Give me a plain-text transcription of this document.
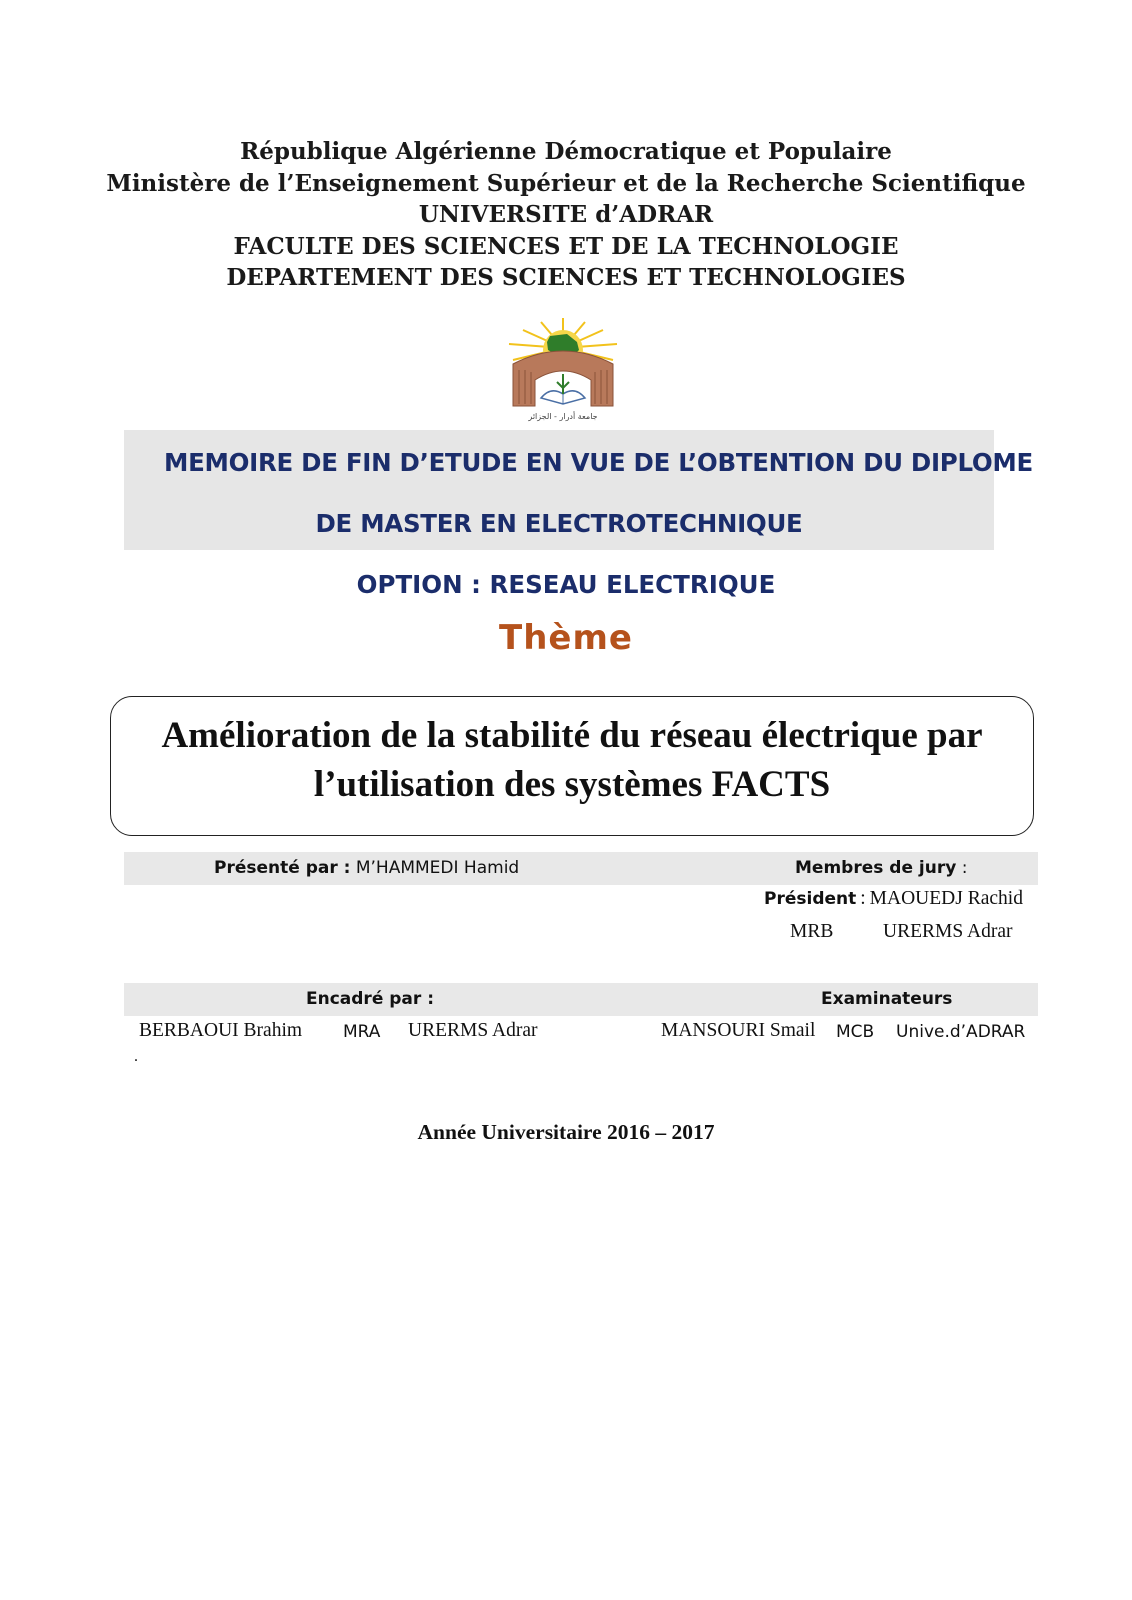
République Algérienne Démocratique et Populaire
Ministère de l’Enseignement Supérieur et de la Recherche Scientifique
UNIVERSITE d’ADRAR
FACULTE DES SCIENCES ET DE LA TECHNOLOGIE
DEPARTEMENT DES SCIENCES ET TECHNOLOGIES
جامعة أدرار - الجزائر
MEMOIRE DE FIN D’ETUDE EN VUE DE L’OBTENTION DU DIPLOME
DE MASTER EN ELECTROTECHNIQUE
OPTION : RESEAU ELECTRIQUE
Thème
Amélioration de la stabilité du réseau électrique par
l’utilisation des systèmes FACTS
Présenté par : M’HAMMEDI Hamid	Membres de jury :
Président : MAOUEDJ Rachid
MRB	URERMS Adrar
Encadré par :	Examinateurs
BERBAOUI Brahim MRA URERMS Adrar
.
MANSOURI Smail MCB Unive.d’ADRAR
Année Universitaire 2016 – 2017
